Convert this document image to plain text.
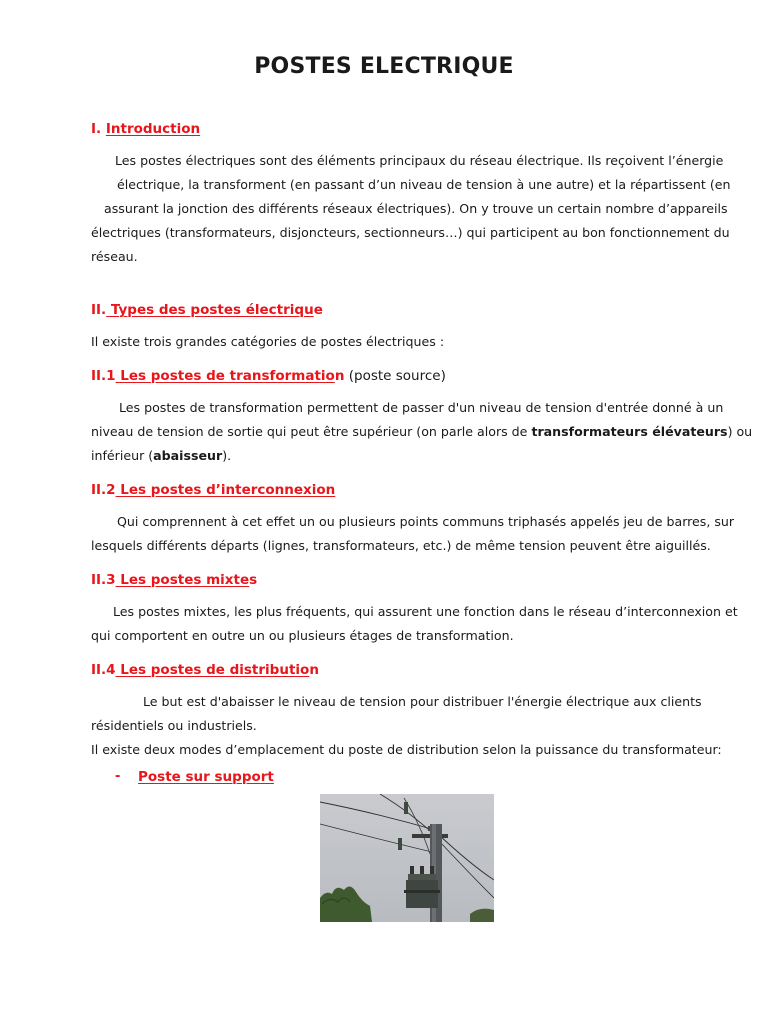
POSTES ELECTRIQUE
I. Introduction
Les postes électriques sont des éléments principaux du réseau électrique. Ils reçoivent l’énergie
électrique, la transforment (en passant d’un niveau de tension à une autre) et la répartissent (en
assurant la jonction des différents réseaux électriques). On y trouve un certain nombre d’appareils
électriques (transformateurs, disjoncteurs, sectionneurs…) qui participent au bon fonctionnement du
réseau.
II. Types des postes électrique
Il existe trois grandes catégories de postes électriques :
II.1 Les postes de transformation (poste source)
Les postes de transformation permettent de passer d'un niveau de tension d'entrée donné à un
niveau de tension de sortie qui peut être supérieur (on parle alors de transformateurs élévateurs) ou
inférieur (abaisseur).
II.2 Les postes d’interconnexion
Qui comprennent à cet effet un ou plusieurs points communs triphasés appelés jeu de barres, sur
lesquels différents départs (lignes, transformateurs, etc.) de même tension peuvent être aiguillés.
II.3 Les postes mixtes
Les postes mixtes, les plus fréquents, qui assurent une fonction dans le réseau d’interconnexion et
qui comportent en outre un ou plusieurs étages de transformation.
II.4 Les postes de distribution
Le but est d'abaisser le niveau de tension pour distribuer l'énergie électrique aux clients
résidentiels ou industriels.
Il existe deux modes d’emplacement du poste de distribution selon la puissance du transformateur:
- Poste sur support
